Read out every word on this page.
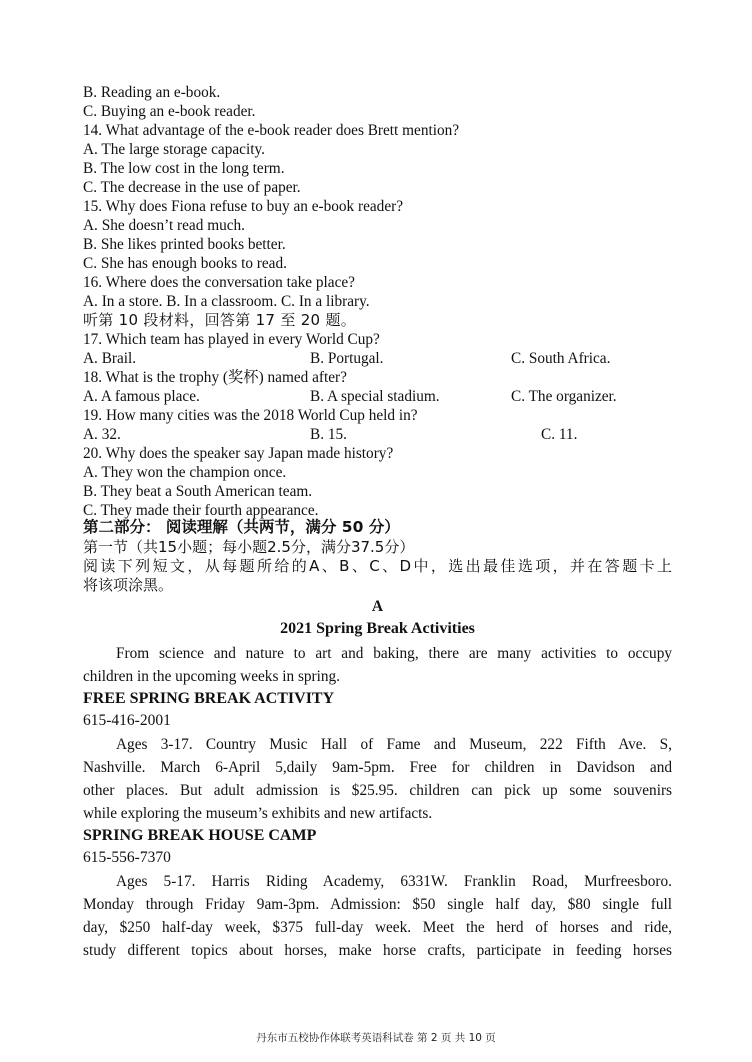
B. Reading an e-book.
C. Buying an e-book reader.
14. What advantage of the e-book reader does Brett mention?
A. The large storage capacity.
B. The low cost in the long term.
C. The decrease in the use of paper.
15. Why does Fiona refuse to buy an e-book reader?
A. She doesn’t read much.
B. She likes printed books better.
C. She has enough books to read.
16. Where does the conversation take place?
A. In a store. B. In a classroom. C. In a library.
听第 10 段材料，回答第 17 至 20 题。
17. Which team has played in every World Cup?
A. Brail.	B. Portugal.	C. South Africa.
18. What is the trophy (奖杯) named after?
A. A famous place.	B. A special stadium.	C. The organizer.
19. How many cities was the 2018 World Cup held in?
A. 32.	B. 15.	C. 11.
20. Why does the speaker say Japan made history?
A. They won the champion once.
B. They beat a South American team.
C. They made their fourth appearance.
第二部分： 阅读理解（共两节，满分 50 分）
第一节（共15小题；每小题2.5分，满分37.5分）
阅读下列短文，从每题所给的A、B、C、D中，选出最佳选项，并在答题卡上
将该项涂黑。
A
2021 Spring Break Activities
From science and nature to art and baking, there are many activities to occupy
children in the upcoming weeks in spring.
FREE SPRING BREAK ACTIVITY
615-416-2001
Ages 3-17. Country Music Hall of Fame and Museum, 222 Fifth Ave. S,
Nashville. March 6-April 5,daily 9am-5pm. Free for children in Davidson and
other places. But adult admission is $25.95. children can pick up some souvenirs
while exploring the museum’s exhibits and new artifacts.
SPRING BREAK HOUSE CAMP
615-556-7370
Ages 5-17. Harris Riding Academy, 6331W. Franklin Road, Murfreesboro.
Monday through Friday 9am-3pm. Admission: $50 single half day, $80 single full
day, $250 half-day week, $375 full-day week. Meet the herd of horses and ride,
study different topics about horses, make horse crafts, participate in feeding horses
丹东市五校协作体联考英语科试卷 第 2 页 共 10 页
